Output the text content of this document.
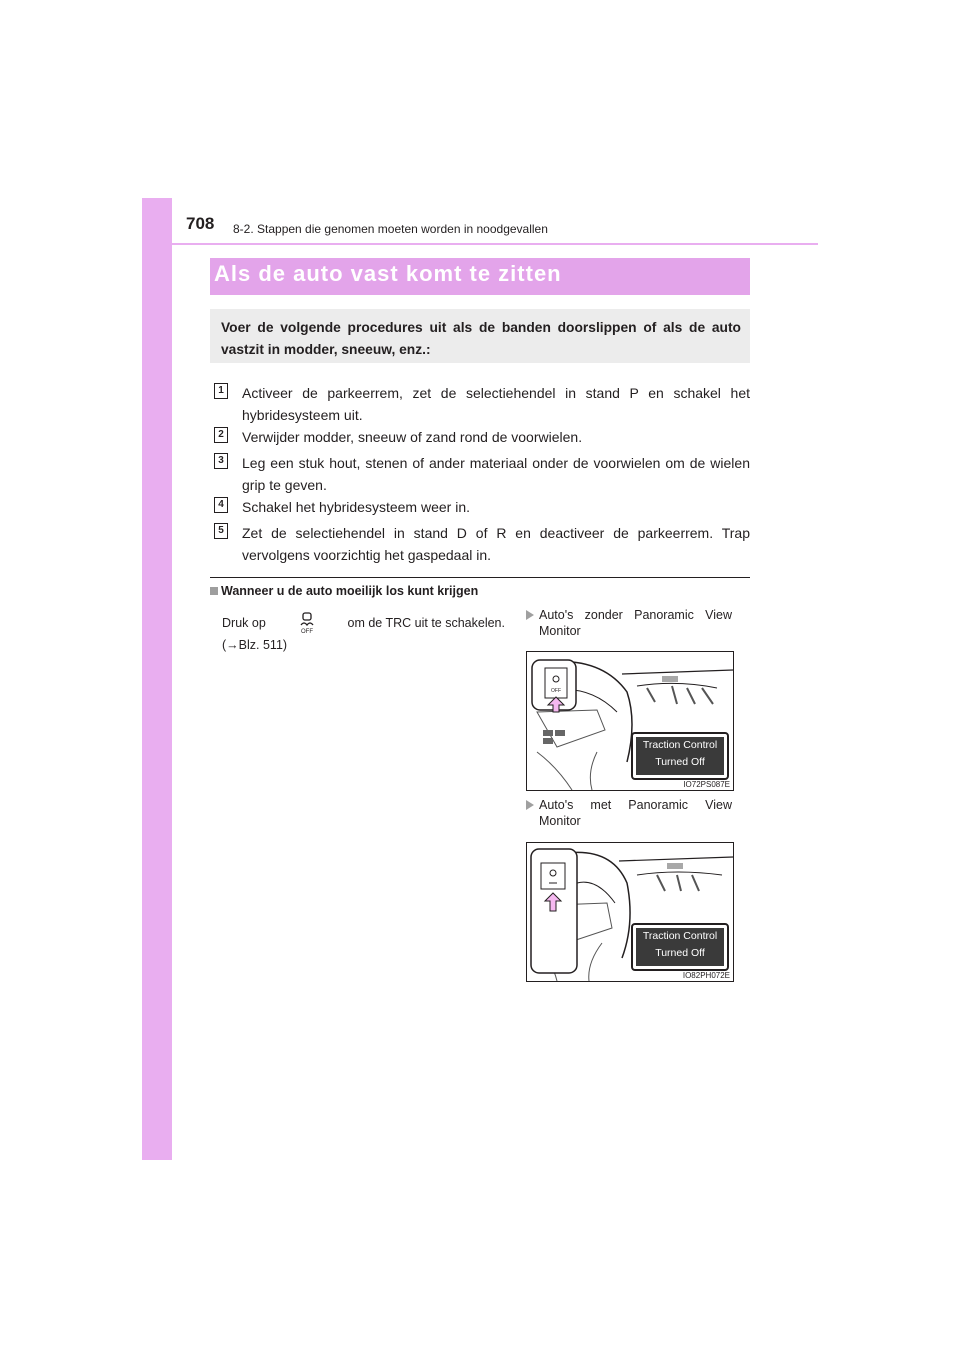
708 8-2. Stappen die genomen moeten worden in noodgevallen
Als de auto vast komt te zitten

Voer de volgende procedures uit als de banden doorslippen of als de auto vastzit in modder, sneeuw, enz.:

1	Activeer de parkeerrem, zet de selectiehendel in stand P en schakel het hybridesysteem uit.
2	Verwijder modder, sneeuw of zand rond de voorwielen.
3	Leg een stuk hout, stenen of ander materiaal onder de voorwielen om de wielen grip te geven.
4	Schakel het hybridesysteem weer in.
5	Zet de selectiehendel in stand D of R en deactiveer de parkeerrem. Trap vervolgens voorzichtig het gaspedaal in.
Wanneer u de auto moeilijk los kunt krijgen
Druk op
OFF
om de TRC uit te schakelen.
(→Blz. 511)
Auto's zonder Panoramic View Monitor
OFF
Traction Control
Turned Off
IO72PS087E
Auto's met Panoramic View Monitor
Traction Control
Turned Off
IO82PH072E
